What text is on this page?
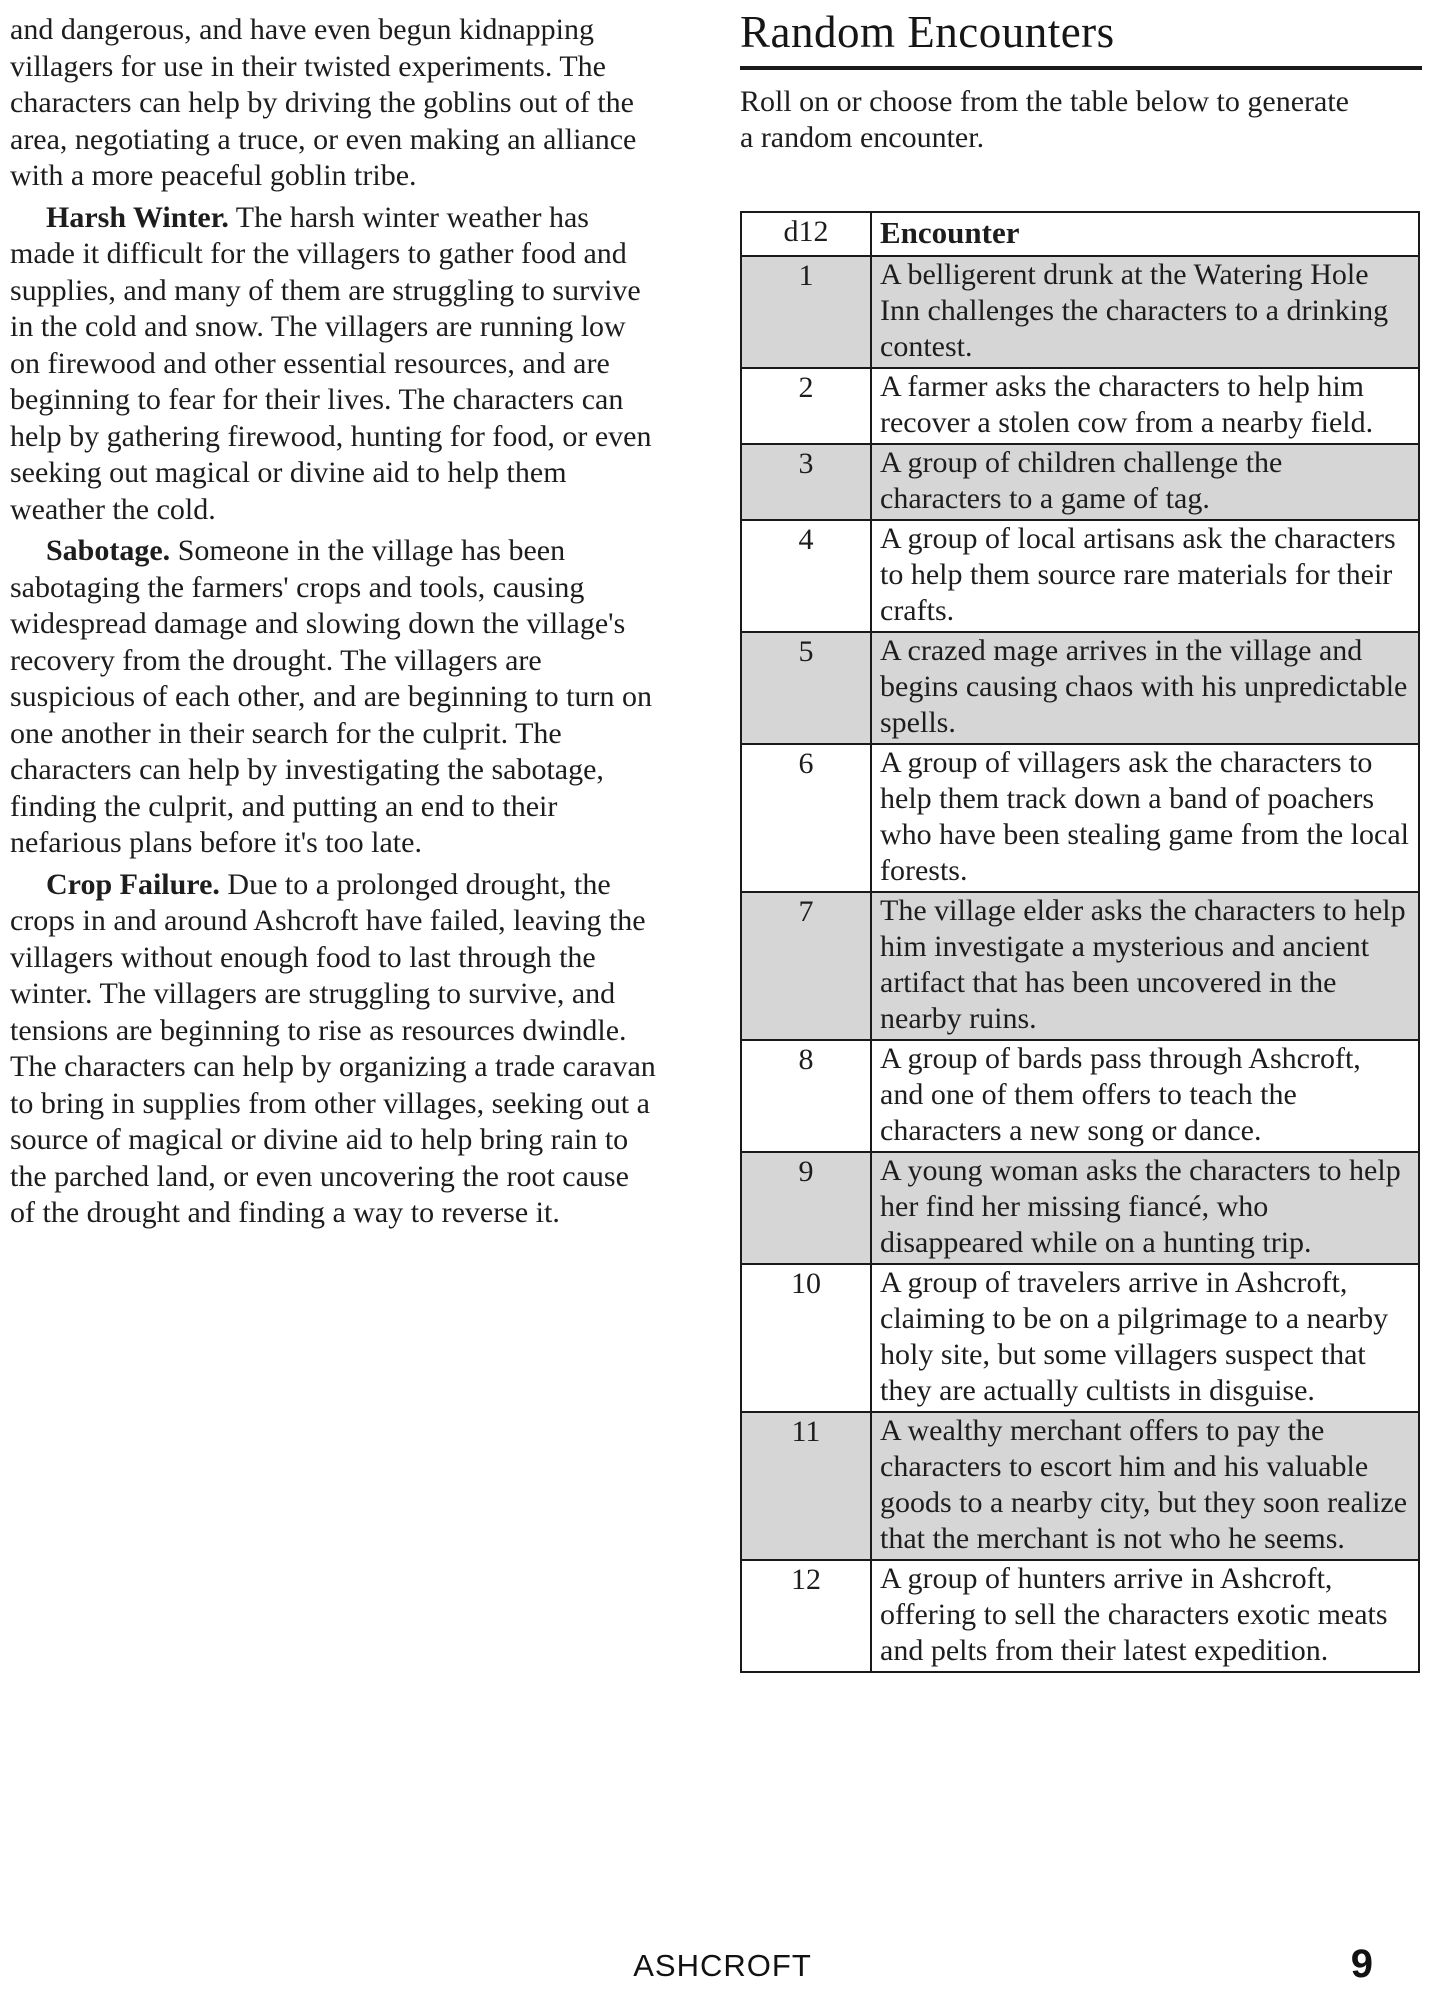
and dangerous, and have even begun kidnapping villagers for use in their twisted experiments. The characters can help by driving the goblins out of the area, negotiating a truce, or even making an alliance with a more peaceful goblin tribe.

Harsh Winter. The harsh winter weather has made it difficult for the villagers to gather food and supplies, and many of them are struggling to survive in the cold and snow. The villagers are running low on firewood and other essential resources, and are beginning to fear for their lives. The characters can help by gathering firewood, hunting for food, or even seeking out magical or divine aid to help them weather the cold.

Sabotage. Someone in the village has been sabotaging the farmers' crops and tools, causing widespread damage and slowing down the village's recovery from the drought. The villagers are suspicious of each other, and are beginning to turn on one another in their search for the culprit. The characters can help by investigating the sabotage, finding the culprit, and putting an end to their nefarious plans before it's too late.

Crop Failure. Due to a prolonged drought, the crops in and around Ashcroft have failed, leaving the villagers without enough food to last through the winter. The villagers are struggling to survive, and tensions are beginning to rise as resources dwindle. The characters can help by organizing a trade caravan to bring in supplies from other villages, seeking out a source of magical or divine aid to help bring rain to the parched land, or even uncovering the root cause of the drought and finding a way to reverse it.

Random Encounters

Roll on or choose from the table below to generate a random encounter.

d12	Encounter
1	A belligerent drunk at the Watering Hole Inn challenges the characters to a drinking contest.
2	A farmer asks the characters to help him recover a stolen cow from a nearby field.
3	A group of children challenge the characters to a game of tag.
4	A group of local artisans ask the characters to help them source rare materials for their crafts.
5	A crazed mage arrives in the village and begins causing chaos with his unpredictable spells.
6	A group of villagers ask the characters to help them track down a band of poachers who have been stealing game from the local forests.
7	The village elder asks the characters to help him investigate a mysterious and ancient artifact that has been uncovered in the nearby ruins.
8	A group of bards pass through Ashcroft, and one of them offers to teach the characters a new song or dance.
9	A young woman asks the characters to help her find her missing fiancé, who disappeared while on a hunting trip.
10	A group of travelers arrive in Ashcroft, claiming to be on a pilgrimage to a nearby holy site, but some villagers suspect that they are actually cultists in disguise.
11	A wealthy merchant offers to pay the characters to escort him and his valuable goods to a nearby city, but they soon realize that the merchant is not who he seems.
12	A group of hunters arrive in Ashcroft, offering to sell the characters exotic meats and pelts from their latest expedition.
ASHCROFT	9
